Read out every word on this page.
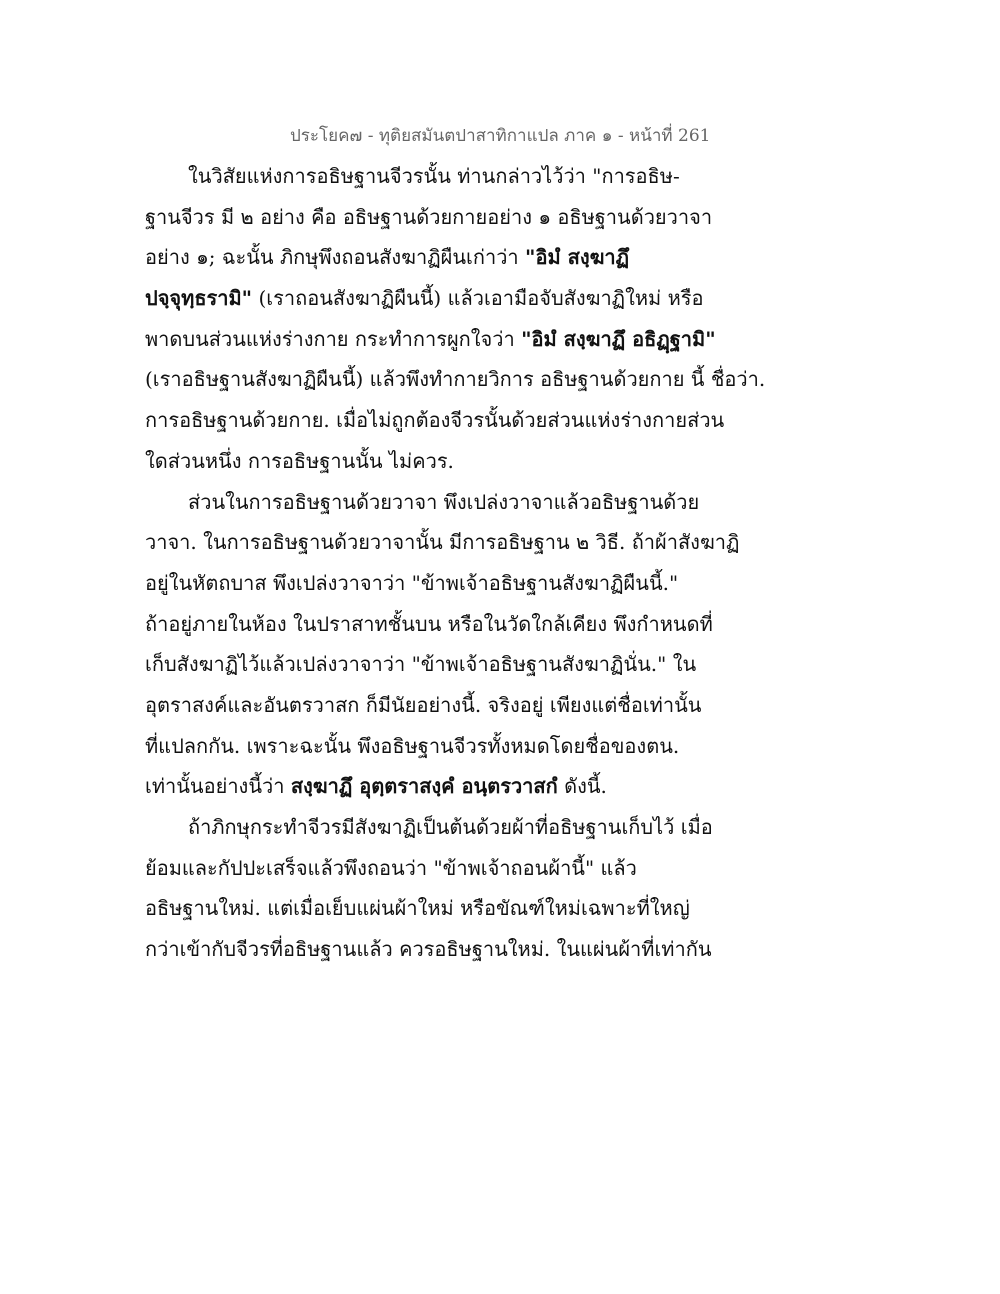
ประโยค๗ - ทุติยสมันตปาสาทิกาแปล ภาค ๑ - หน้าที่ 261
ในวิสัยแห่งการอธิษฐานจีวรนั้น ท่านกล่าวไว้ว่า "การอธิษ-
ฐานจีวร มี ๒ อย่าง คือ อธิษฐานด้วยกายอย่าง ๑ อธิษฐานด้วยวาจา
อย่าง ๑; ฉะนั้น ภิกษุพึงถอนสังฆาฏิผืนเก่าว่า "อิมํ สงฺฆาฏึ
ปจฺจุทฺธรามิ" (เราถอนสังฆาฏิผืนนี้) แล้วเอามือจับสังฆาฏิใหม่ หรือ
พาดบนส่วนแห่งร่างกาย กระทำการผูกใจว่า "อิมํ สงฺฆาฏึ อธิฏฺฐามิ"
(เราอธิษฐานสังฆาฏิผืนนี้) แล้วพึงทำกายวิการ อธิษฐานด้วยกาย นี้ ชื่อว่า.
การอธิษฐานด้วยกาย. เมื่อไม่ถูกต้องจีวรนั้นด้วยส่วนแห่งร่างกายส่วน
ใดส่วนหนึ่ง การอธิษฐานนั้น ไม่ควร.
ส่วนในการอธิษฐานด้วยวาจา พึงเปล่งวาจาแล้วอธิษฐานด้วย
วาจา. ในการอธิษฐานด้วยวาจานั้น มีการอธิษฐาน ๒ วิธี. ถ้าผ้าสังฆาฏิ
อยู่ในหัตถบาส พึงเปล่งวาจาว่า "ข้าพเจ้าอธิษฐานสังฆาฏิผืนนี้."
ถ้าอยู่ภายในห้อง ในปราสาทชั้นบน หรือในวัดใกล้เคียง พึงกำหนดที่
เก็บสังฆาฏิไว้แล้วเปล่งวาจาว่า "ข้าพเจ้าอธิษฐานสังฆาฏินั่น." ใน
อุตราสงค์และอันตรวาสก ก็มีนัยอย่างนี้. จริงอยู่ เพียงแต่ชื่อเท่านั้น
ที่แปลกกัน. เพราะฉะนั้น พึงอธิษฐานจีวรทั้งหมดโดยชื่อของตน.
เท่านั้นอย่างนี้ว่า สงฺฆาฏึ อุตฺตราสงฺคํ อนฺตรวาสกํ ดังนี้.
ถ้าภิกษุกระทำจีวรมีสังฆาฏิเป็นต้นด้วยผ้าที่อธิษฐานเก็บไว้ เมื่อ
ย้อมและกัปปะเสร็จแล้วพึงถอนว่า "ข้าพเจ้าถอนผ้านี้" แล้ว
อธิษฐานใหม่. แต่เมื่อเย็บแผ่นผ้าใหม่ หรือขัณฑ์ใหม่เฉพาะที่ใหญ่
กว่าเข้ากับจีวรที่อธิษฐานแล้ว ควรอธิษฐานใหม่. ในแผ่นผ้าที่เท่ากัน
